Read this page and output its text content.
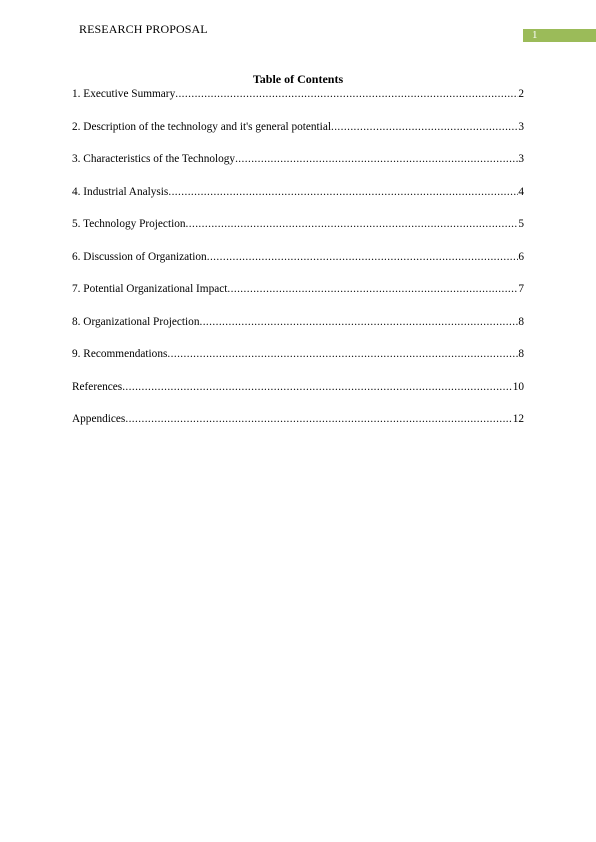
RESEARCH PROPOSAL	1
Table of Contents
1. Executive Summary .....	2
2. Description of the technology and it's general potential .....	3
3. Characteristics of the Technology .....	3
4. Industrial Analysis .....	4
5. Technology Projection .....	5
6. Discussion of Organization .....	6
7. Potential Organizational Impact .....	7
8. Organizational Projection .....	8
9. Recommendations .....	8
References .....	10
Appendices .....	12
